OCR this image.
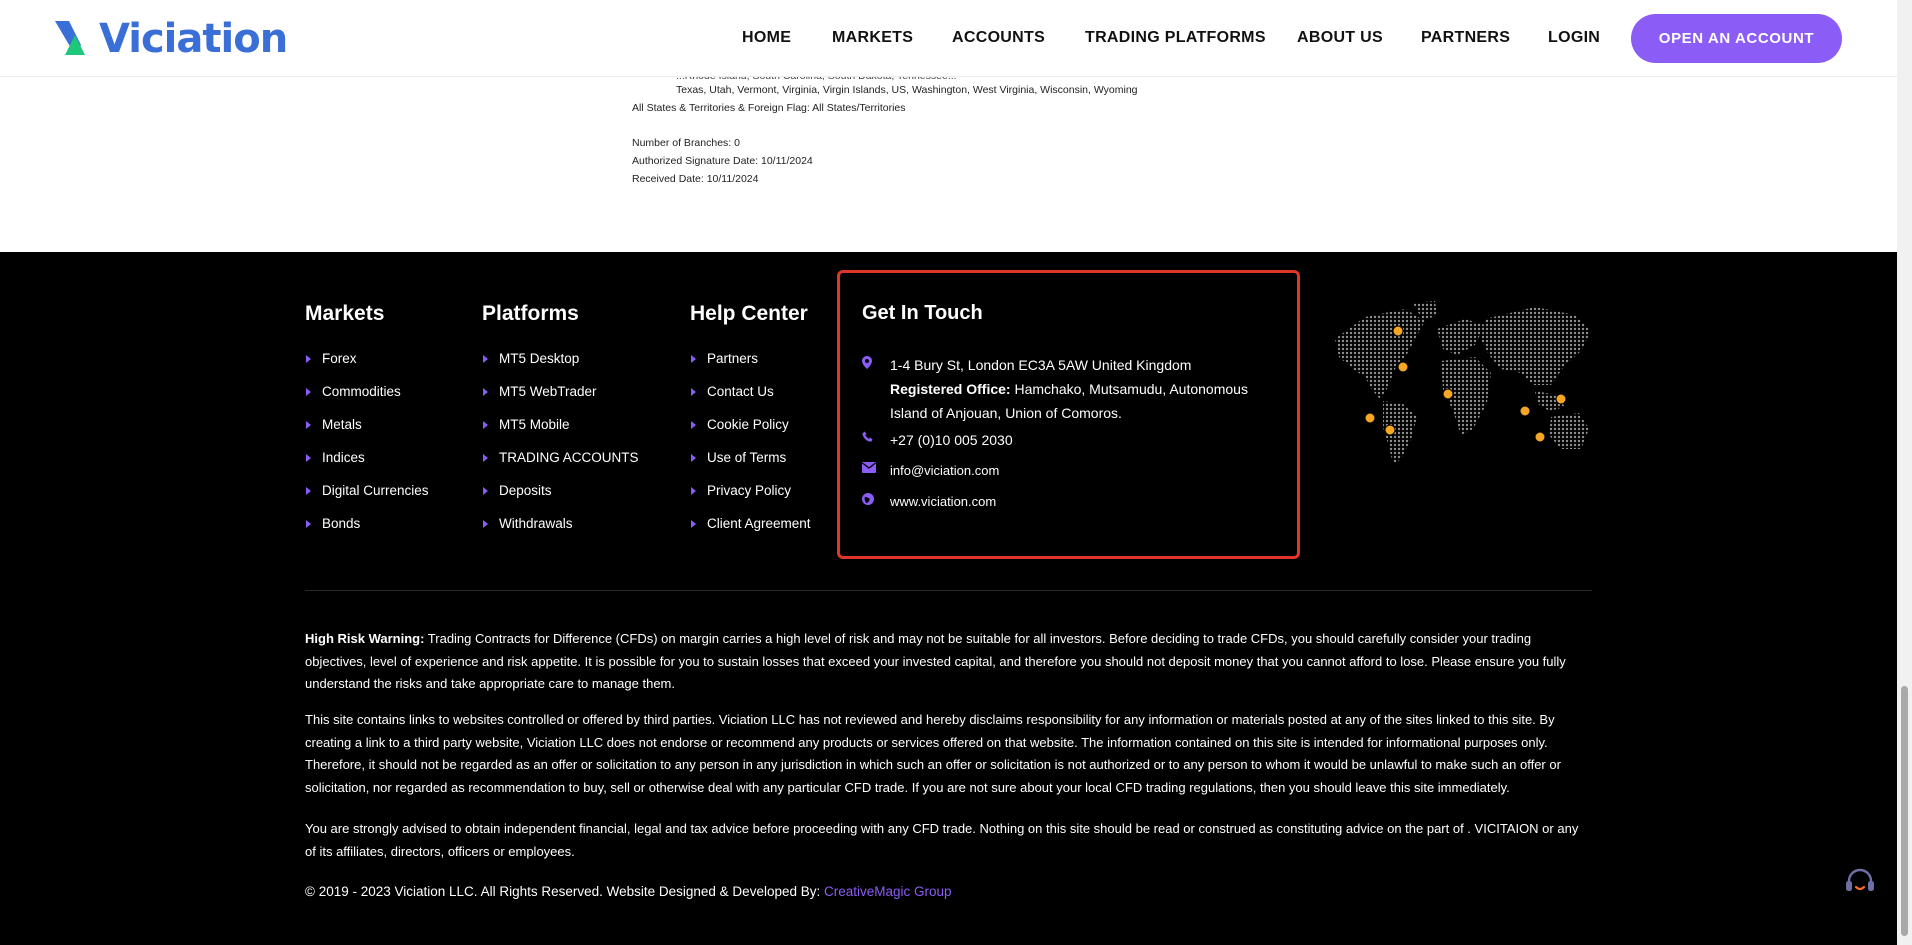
Viciation	HOME	MARKETS ACCOUNTS TRADING PLATFORMS ABOUT US PARTNERS LOGIN	OPEN AN ACCOUNT
Texas, Utah, Vermont, Virginia, Virgin Islands, US, Washington, West Virginia, Wisconsin, Wyoming
All States & Territories & Foreign Flag: All States/Territories
Number of Branches: 0
Authorized Signature Date: 10/11/2024
Received Date: 10/11/2024
Markets
Forex
Commodities
Metals
Indices
Digital Currencies
Bonds
Platforms
MT5 Desktop
MT5 WebTrader
MT5 Mobile
TRADING ACCOUNTS
Deposits
Withdrawals
Help Center
Partners
Contact Us
Cookie Policy
Use of Terms
Privacy Policy
Client Agreement
Get In Touch
1-4 Bury St, London EC3A 5AW United Kingdom
Registered Office: Hamchako, Mutsamudu, Autonomous Island of Anjouan, Union of Comoros.
+27 (0)10 005 2030
info@viciation.com
www.viciation.com

High Risk Warning: Trading Contracts for Difference (CFDs) on margin carries a high level of risk and may not be suitable for all investors. Before deciding to trade CFDs, you should carefully consider your trading objectives, level of experience and risk appetite. It is possible for you to sustain losses that exceed your invested capital, and therefore you should not deposit money that you cannot afford to lose. Please ensure you fully understand the risks and take appropriate care to manage them.

This site contains links to websites controlled or offered by third parties. Viciation LLC has not reviewed and hereby disclaims responsibility for any information or materials posted at any of the sites linked to this site. By creating a link to a third party website, Viciation LLC does not endorse or recommend any products or services offered on that website. The information contained on this site is intended for informational purposes only. Therefore, it should not be regarded as an offer or solicitation to any person in any jurisdiction in which such an offer or solicitation is not authorized or to any person to whom it would be unlawful to make such an offer or solicitation, nor regarded as recommendation to buy, sell or otherwise deal with any particular CFD trade. If you are not sure about your local CFD trading regulations, then you should leave this site immediately.

You are strongly advised to obtain independent financial, legal and tax advice before proceeding with any CFD trade. Nothing on this site should be read or construed as constituting advice on the part of . VICITAION or any of its affiliates, directors, officers or employees.

© 2019 - 2023 Viciation LLC. All Rights Reserved. Website Designed & Developed By: CreativeMagic Group
